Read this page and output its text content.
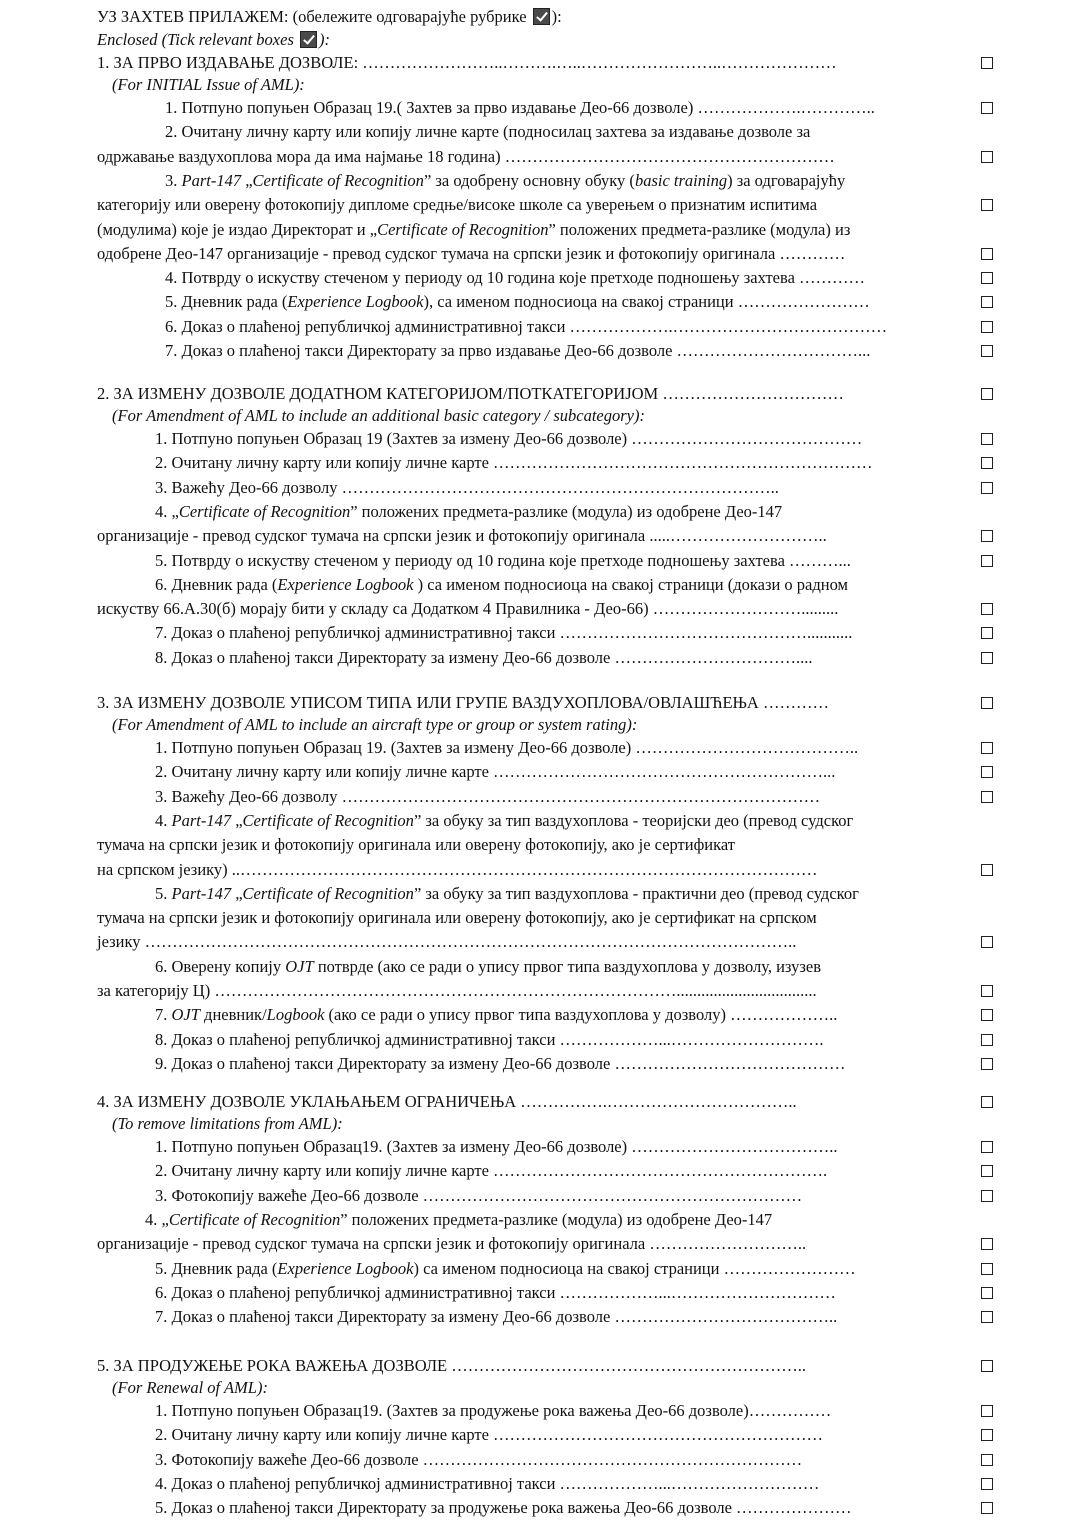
УЗ ЗАХТЕВ ПРИЛАЖЕМ: (обележите одговарајуће рубрике ):
Enclosed (Tick relevant boxes ):
1. ЗА ПРВО ИЗДАВАЊЕ ДОЗВОЛЕ: ……………………..……….…..……………………..…………………
(For INITIAL Issue of AML):
1. Потпуно попуњен Образац 19.( Захтев за прво издавање Део-66 дозволе) ……………….…………..
2. Очитану личну карту или копију личне карте (подносилац захтева за издавање дозволе за
одржавање ваздухоплова мора да има најмање 18 година) ……………………………………………………
3. Part-147 „Certificate of Recognition” за одобрену основну обуку (basic training) за одговарајућу
категорију или оверену фотокопију дипломе средње/високе школе са уверењем о признатим испитима
(модулима) које је издао Директорат и „Certificate of Recognition” положених предмета-разлике (модула) из
одобрене Део-147 организације - превод судског тумача на српски језик и фотокопију оригинала …………
4. Потврду о искуству стеченом у периоду од 10 година које претходе подношењу захтева …………
5. Дневник рада (Experience Logbook), са именом подносиоца на свакој страници ……………………
6. Доказ о плаћеној републичкој административној такси ……………….…………………………………
7. Доказ о плаћеној такси Директорату за прво издавање Део-66 дозволе ……………………………...
2. ЗА ИЗМЕНУ ДОЗВОЛЕ ДОДАТНОМ КАТЕГОРИЈОМ/ПОТКАТЕГОРИЈОМ ……………………………
(For Amendment of AML to include an additional basic category / subcategory):
1. Потпуно попуњен Образац 19 (Захтев за измену Део-66 дозволе) ……………………………………
2. Очитану личну карту или копију личне карте ……………………………………………………………
3. Важећу Део-66 дозволу ……………………………………………………………………..
4. „Certificate of Recognition” положених предмета-разлике (модула) из одобрене Део-147
организације - превод судског тумача на српски језик и фотокопију оригинала .....………………………..
5. Потврду о искуству стеченом у периоду од 10 година које претходе подношењу захтева ………...
6. Дневник рада (Experience Logbook ) са именом подносиоца на свакој страници (докази о радном
искуству 66.А.30(б) морају бити у складу са Додатком 4 Правилника - Део-66) ……………………….........
7. Доказ о плаћеној републичкој административној такси ………………………………………...........
8. Доказ о плаћеној такси Директорату за измену Део-66 дозволе ……………………………....
3. ЗА ИЗМЕНУ ДОЗВОЛЕ УПИСОМ ТИПА ИЛИ ГРУПЕ ВАЗДУХОПЛОВА/ОВЛАШЋЕЊА …………
(For Amendment of AML to include an aircraft type or group or system rating):
1. Потпуно попуњен Образац 19. (Захтев за измену Део-66 дозволе) …………………………………..
2. Очитану личну карту или копију личне карте ……………………………………………………...
3. Важећу Део-66 дозволу ……………………………………………………………………………
4. Part-147 „Certificate of Recognition” за обуку за тип ваздухоплова - теоријски део (превод судског
тумача на српски језик и фотокопију оригинала или оверену фотокопију, ако је сертификат
на српском језику) ..……………………………………………………………………………………………
5. Part-147 „Certificate of Recognition” за обуку за тип ваздухоплова - практични део (превод судског
тумача на српски језик и фотокопију оригинала или оверену фотокопију, ако је сертификат на српском
језику ………………………………………………………………………………………………………..
6. Оверену копију OJT потврде (ако се ради о упису првог типа ваздухоплова у дозволу, изузев
за категорију Ц) …………………………………………………………………………..................................
7. OJT дневник/Logbook (ако се ради о упису првог типа ваздухоплова у дозволу) ………………..
8. Доказ о плаћеној републичкој административној такси ………………...……………………….
9. Доказ о плаћеној такси Директорату за измену Део-66 дозволе ……………………………………
4. ЗА ИЗМЕНУ ДОЗВОЛЕ УКЛАЊАЊЕМ ОГРАНИЧЕЊА …………….……………………………..
(To remove limitations from AML):
1. Потпуно попуњен Образац19. (Захтев за измену Део-66 дозволе) ………………………………..
2. Очитану личну карту или копију личне карте …………………………………………………….
3. Фотокопију важеће Део-66 дозволе ……………………………………………………………
4. „Certificate of Recognition” положених предмета-разлике (модула) из одобрене Део-147
организације - превод судског тумача на српски језик и фотокопију оригинала ………………………..
5. Дневник рада (Experience Logbook) са именом подносиоца на свакој страници ……………………
6. Доказ о плаћеној републичкој административној такси ………………...…………………………
7. Доказ о плаћеној такси Директорату за измену Део-66 дозволе …………………………………..
5. ЗА ПРОДУЖЕЊЕ РОКА ВАЖЕЊА ДОЗВОЛЕ ………………………………………………………..
(For Renewal of AML):
1. Потпуно попуњен Образац19. (Захтев за продужење рока важења Део-66 дозволе)……………
2. Очитану личну карту или копију личне карте ……………………………………………………
3. Фотокопију важеће Део-66 дозволе ……………………………………………………………
4. Доказ о плаћеној републичкој административној такси ………………...………………………
5. Доказ о плаћеној такси Директорату за продужење рока важења Део-66 дозволе …………………
